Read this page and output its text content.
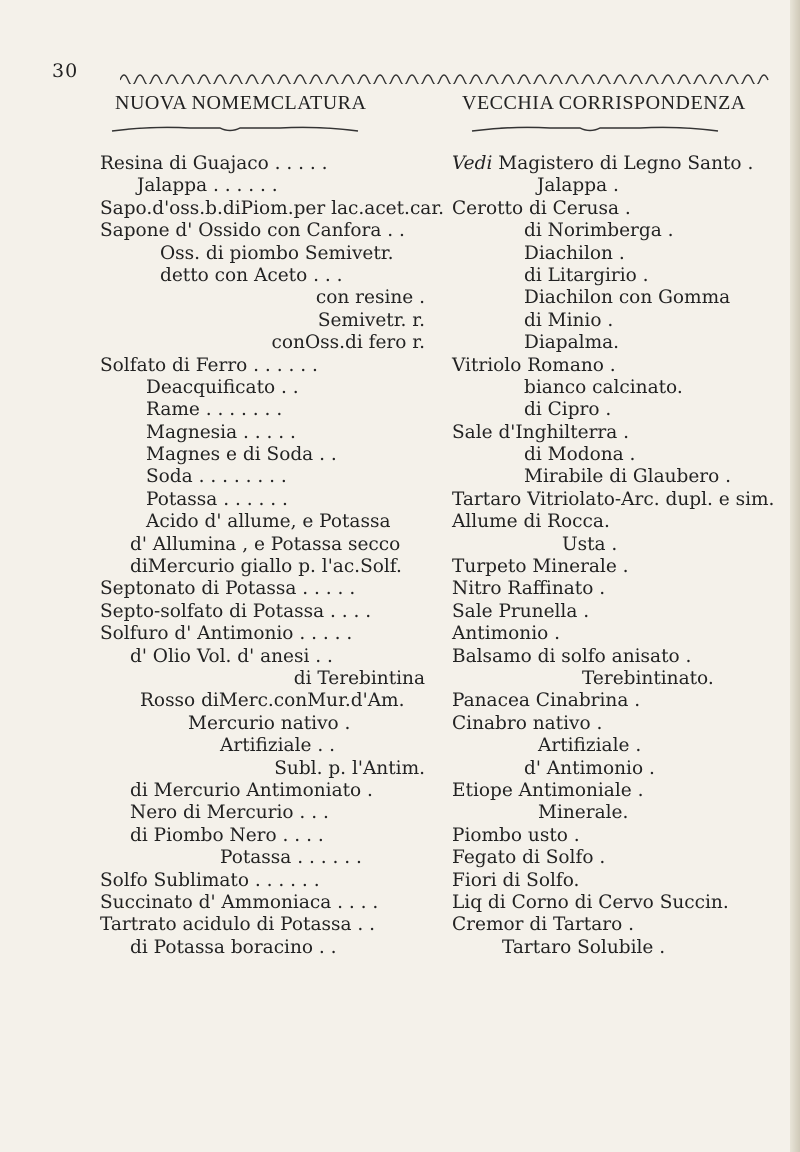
30
NUOVA NOMEMCLATURA	VECCHIA CORRISPONDENZA
Resina di Guajaco . . . . .
Jalappa . . . . . .
Sapo.d'oss.b.diPiom.per lac.acet.car.
Sapone d' Ossido con Canfora . .
Oss. di piombo Semivetr.
detto con Aceto . . .
con resine .
Semivetr. r.
conOss.di fero r.
Solfato di Ferro . . . . . .
Deacquificato . .
Rame . . . . . . .
Magnesia . . . . .
Magnes e di Soda . .
Soda . . . . . . . .
Potassa . . . . . .
Acido d' allume, e Potassa
d' Allumina , e Potassa secco
diMercurio giallo p. l'ac.Solf.
Septonato di Potassa . . . . .
Septo-solfato di Potassa . . . .
Solfuro d' Antimonio . . . . .
d' Olio Vol. d' anesi . .
di Terebintina
Rosso diMerc.conMur.d'Am.
Mercurio nativo .
Artifiziale . .
Subl. p. l'Antim.
di Mercurio Antimoniato .
Nero di Mercurio . . .
di Piombo Nero . . . .
Potassa . . . . . .
Solfo Sublimato . . . . . .
Succinato d' Ammoniaca . . . .
Tartrato acidulo di Potassa . .
di Potassa boracino . .
Vedi Magistero di Legno Santo .
Jalappa .
Cerotto di Cerusa .
di Norimberga .
Diachilon .
di Litargirio .
Diachilon con Gomma
di Minio .
Diapalma.
Vitriolo Romano .
bianco calcinato.
di Cipro .
Sale d'Inghilterra .
di Modona .
Mirabile di Glaubero .
Tartaro Vitriolato-Arc. dupl. e sim.
Allume di Rocca.
Usta .
Turpeto Minerale .
Nitro Raffinato .
Sale Prunella .
Antimonio .
Balsamo di solfo anisato .
Terebintinato.
Panacea Cinabrina .
Cinabro nativo .
Artifiziale .
d' Antimonio .
Etiope Antimoniale .
Minerale.
Piombo usto .
Fegato di Solfo .
Fiori di Solfo.
Liq di Corno di Cervo Succin.
Cremor di Tartaro .
Tartaro Solubile .
